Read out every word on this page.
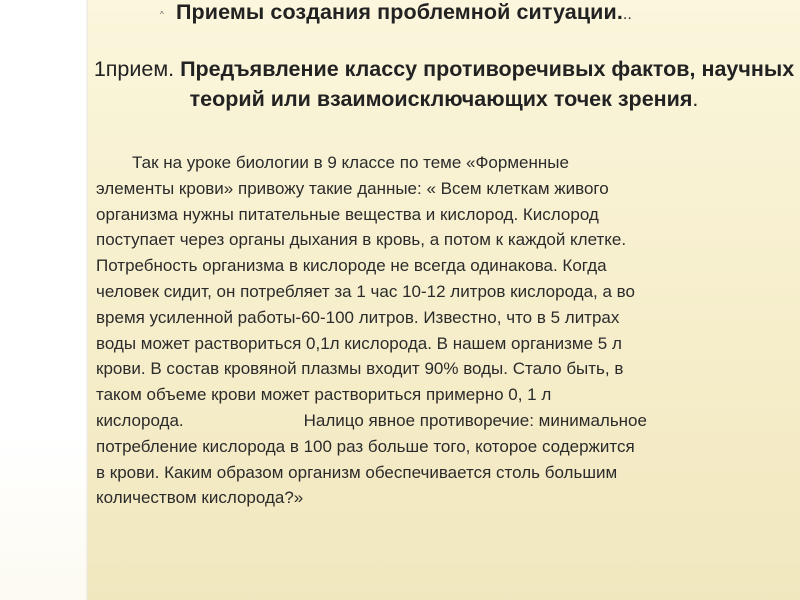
^ Приемы создания проблемной ситуации...
1прием. Предъявление классу противоречивых фактов, научных теорий или взаимоисключающих точек зрения.
Так на уроке биологии в 9 классе по теме «Форменные
элементы крови» привожу такие данные: « Всем клеткам живого
организма нужны питательные вещества и кислород. Кислород
поступает через органы дыхания в кровь, а потом к каждой клетке.
Потребность организма в кислороде не всегда одинакова. Когда
человек сидит, он потребляет за 1 час 10-12 литров кислорода, а во
время усиленной работы-60-100 литров. Известно, что в 5 литрах
воды может раствориться 0,1л кислорода. В нашем организме 5 л
крови. В состав кровяной плазмы входит 90% воды. Стало быть, в
таком объеме крови может раствориться примерно 0, 1 л
кислорода.	Налицо явное противоречие: минимальное
потребление кислорода в 100 раз больше того, которое содержится
в крови. Каким образом организм обеспечивается столь большим
количеством кислорода?»
